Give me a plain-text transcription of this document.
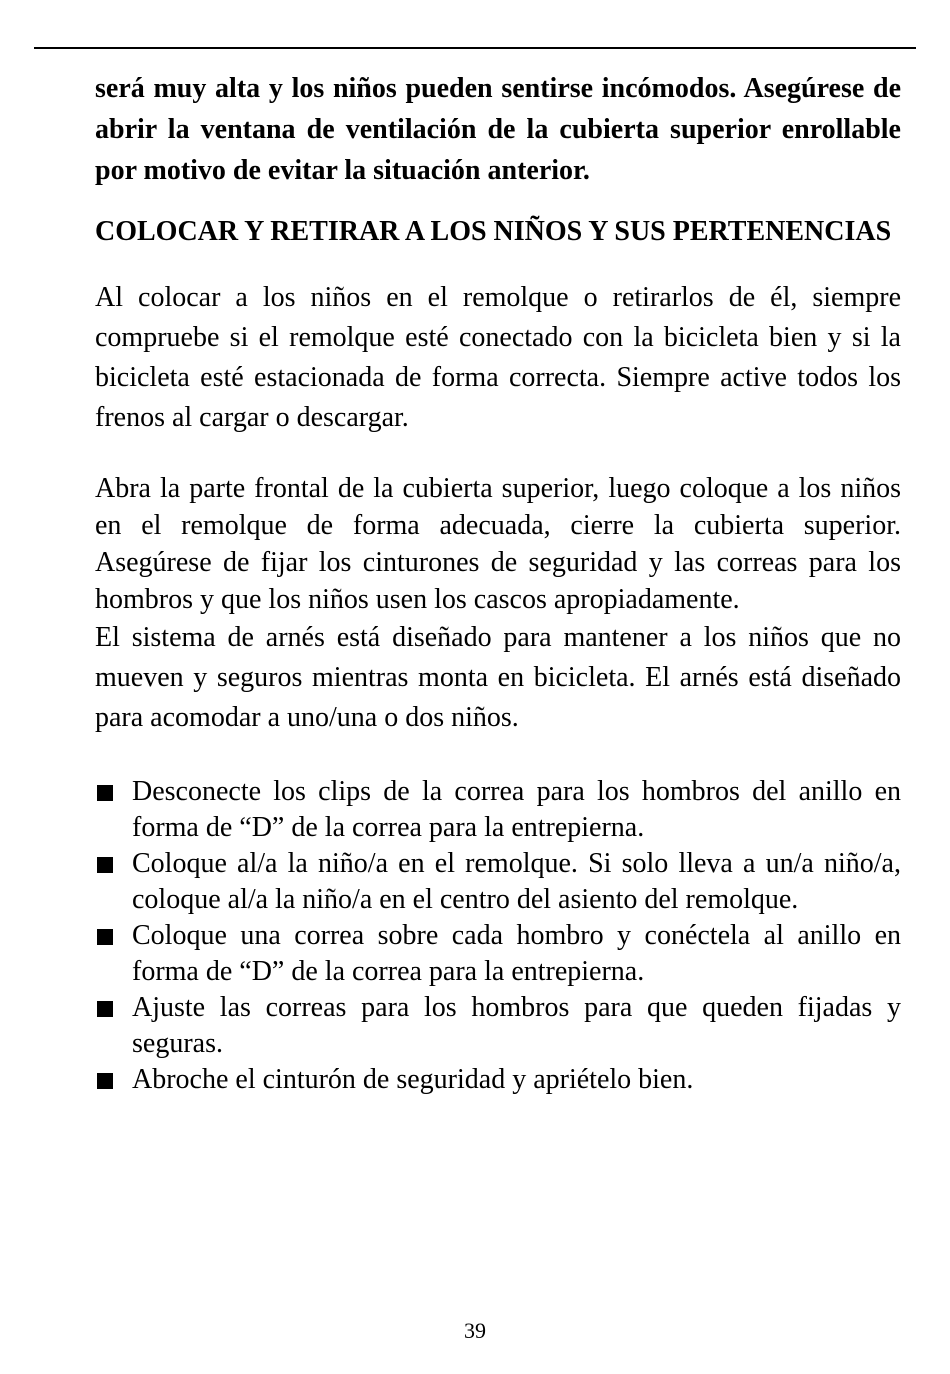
será muy alta y los niños pueden sentirse incómodos. Asegúrese de abrir la ventana de ventilación de la cubierta superior enrollable por motivo de evitar la situación anterior.

COLOCAR Y RETIRAR A LOS NIÑOS Y SUS PERTENENCIAS

Al colocar a los niños en el remolque o retirarlos de él, siempre compruebe si el remolque esté conectado con la bicicleta bien y si la bicicleta esté estacionada de forma correcta. Siempre active todos los frenos al cargar o descargar.

Abra la parte frontal de la cubierta superior, luego coloque a los niños en el remolque de forma adecuada, cierre la cubierta superior. Asegúrese de fijar los cinturones de seguridad y las correas para los hombros y que los niños usen los cascos apropiadamente.

El sistema de arnés está diseñado para mantener a los niños que no mueven y seguros mientras monta en bicicleta. El arnés está diseñado para acomodar a uno/una o dos niños.

Desconecte los clips de la correa para los hombros del anillo en forma de “D” de la correa para la entrepierna.
Coloque al/a la niño/a en el remolque. Si solo lleva a un/a niño/a, coloque al/a la niño/a en el centro del asiento del remolque.
Coloque una correa sobre cada hombro y conéctela al anillo en forma de “D” de la correa para la entrepierna.
Ajuste las correas para los hombros para que queden fijadas y seguras.
Abroche el cinturón de seguridad y apriételo bien.
39
